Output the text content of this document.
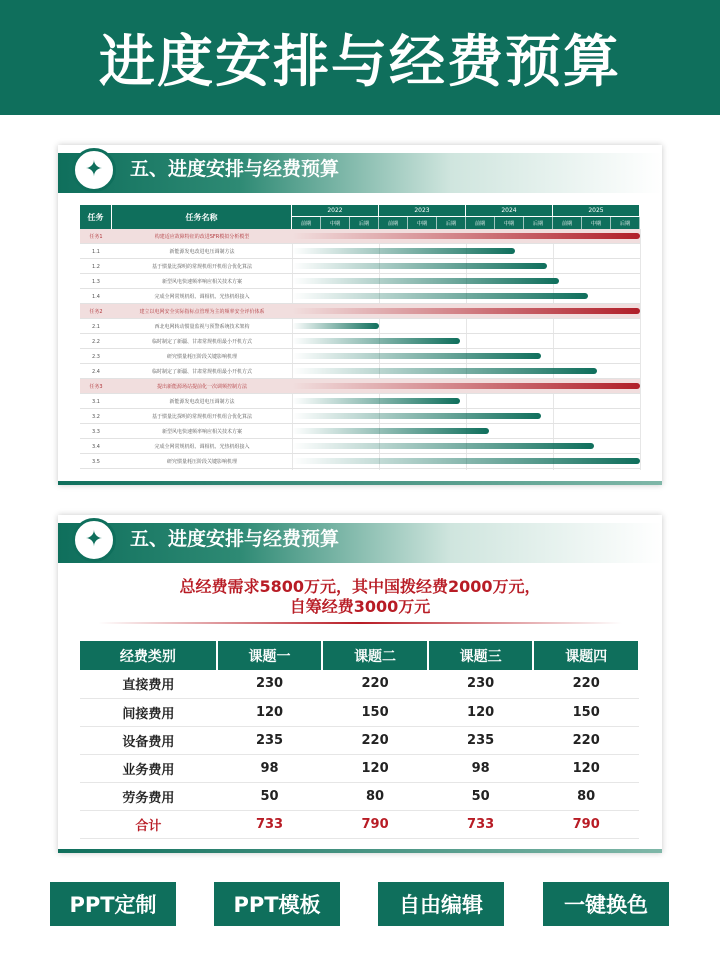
进度安排与经费预算
✦ 五、进度安排与经费预算
任务	任务名称
2022
前期	中期	后期
2023
前期	中期	后期
2024
前期	中期	后期
2025
前期	中期	后期
任务1	构建适应故障特征的改进SFR模拟分析模型
1.1	新能源发电改进电压调制方法
1.2	基于惯量比探明的常规机组开机组合优化算法
1.3	新型风电快速频率响应相关技术方案
1.4	完成全网常规机组、调相机、光热机组接入
任务2	建立以电网安全实际指标点管理为主的频率安全评价体系
2.1	西北电网转动惯量监视与预警系统技术架构
2.2	临时制定了新疆、甘肃常规机组最小开机方式
2.3	研究惯量耗压阶段关键影响机理
2.4	临时制定了新疆、甘肃常规机组最小开机方式
任务3	提出新能源场站提前化一次调频控制方法
3.1	新能源发电改进电压调制方法
3.2	基于惯量比探明的常规机组开机组合优化算法
3.3	新型风电快速频率响应相关技术方案
3.4	完成全网常规机组、调相机、光热机组接入
3.5	研究惯量耗压阶段关键影响机理
✦ 五、进度安排与经费预算
总经费需求5800万元，其中国拨经费2000万元，
自筹经费3000万元
经费类别	课题一	课题二	课题三	课题四
直接费用	230	220	230	220
间接费用	120	150	120	150
设备费用	235	220	235	220
业务费用	98	120	98	120
劳务费用	50	80	50	80
合计	733	790	733	790
PPT定制	PPT模板	自由编辑	一键换色
